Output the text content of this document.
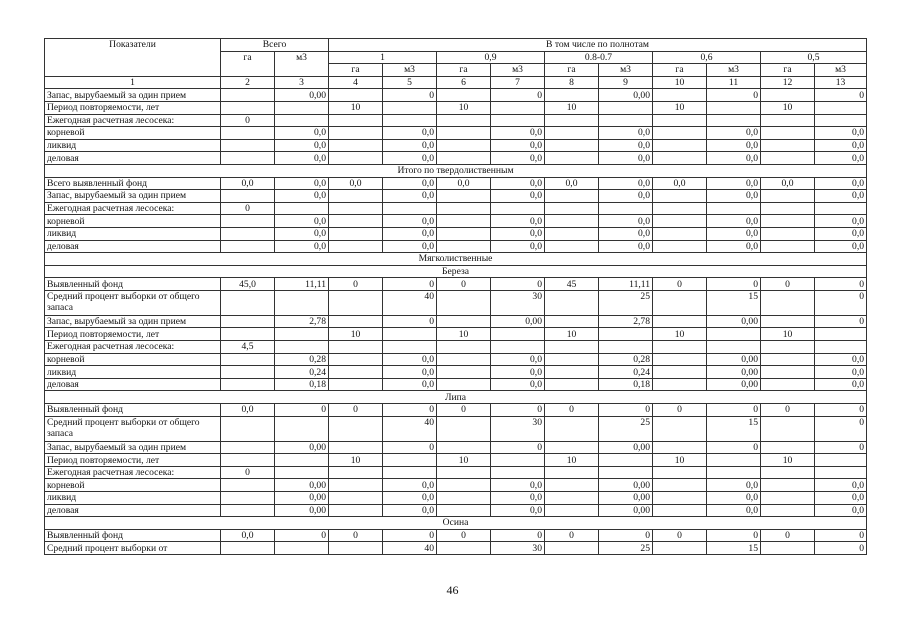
Показатели	Всего		В том числе по полнотам									
	га	м3	1		0,9		0.8-0.7		0,6		0,5	
			га	м3	га	м3	га	м3	га	м3	га	м3
1	2	3	4	5	6	7	8	9	10	11	12	13
Запас, вырубаемый за один прием		0,00		0		0		0,00		0		0
Период повторяемости, лет			10		10		10		10		10	
Ежегодная расчетная лесосека:	0											
корневой		0,0		0,0		0,0		0,0		0,0		0,0
ликвид		0,0		0,0		0,0		0,0		0,0		0,0
деловая		0,0		0,0		0,0		0,0		0,0		0,0
Итого по твердолиственным												
Всего выявленный фонд	0,0	0,0	0,0	0,0	0,0	0,0	0,0	0,0	0,0	0,0	0,0	0,0
Запас, вырубаемый за один прием		0,0		0,0		0,0		0,0		0,0		0,0
Ежегодная расчетная лесосека:	0											
корневой		0,0		0,0		0,0		0,0		0,0		0,0
ликвид		0,0		0,0		0,0		0,0		0,0		0,0
деловая		0,0		0,0		0,0		0,0		0,0		0,0
Мягколиственные												
Береза												
Выявленный фонд	45,0	11,11	0	0	0	0	45	11,11	0	0	0	0
Средний процент выборки от общего запаса				40		30		25		15		0
Запас, вырубаемый за один прием		2,78		0		0,00		2,78		0,00		0
Период повторяемости, лет			10		10		10		10		10	
Ежегодная расчетная лесосека:	4,5											
корневой		0,28		0,0		0,0		0,28		0,00		0,0
ликвид		0,24		0,0		0,0		0,24		0,00		0,0
деловая		0,18		0,0		0,0		0,18		0,00		0,0
Липа												
Выявленный фонд	0,0	0	0	0	0	0	0	0	0	0	0	0
Средний процент выборки от общего запаса				40		30		25		15		0
Запас, вырубаемый за один прием		0,00		0		0		0,00		0		0
Период повторяемости, лет			10		10		10		10		10	
Ежегодная расчетная лесосека:	0											
корневой		0,00		0,0		0,0		0,00		0,0		0,0
ликвид		0,00		0,0		0,0		0,00		0,0		0,0
деловая		0,00		0,0		0,0		0,00		0,0		0,0
Осина												
Выявленный фонд	0,0	0	0	0	0	0	0	0	0	0	0	0
Средний процент выборки от				40		30		25		15		0
46
